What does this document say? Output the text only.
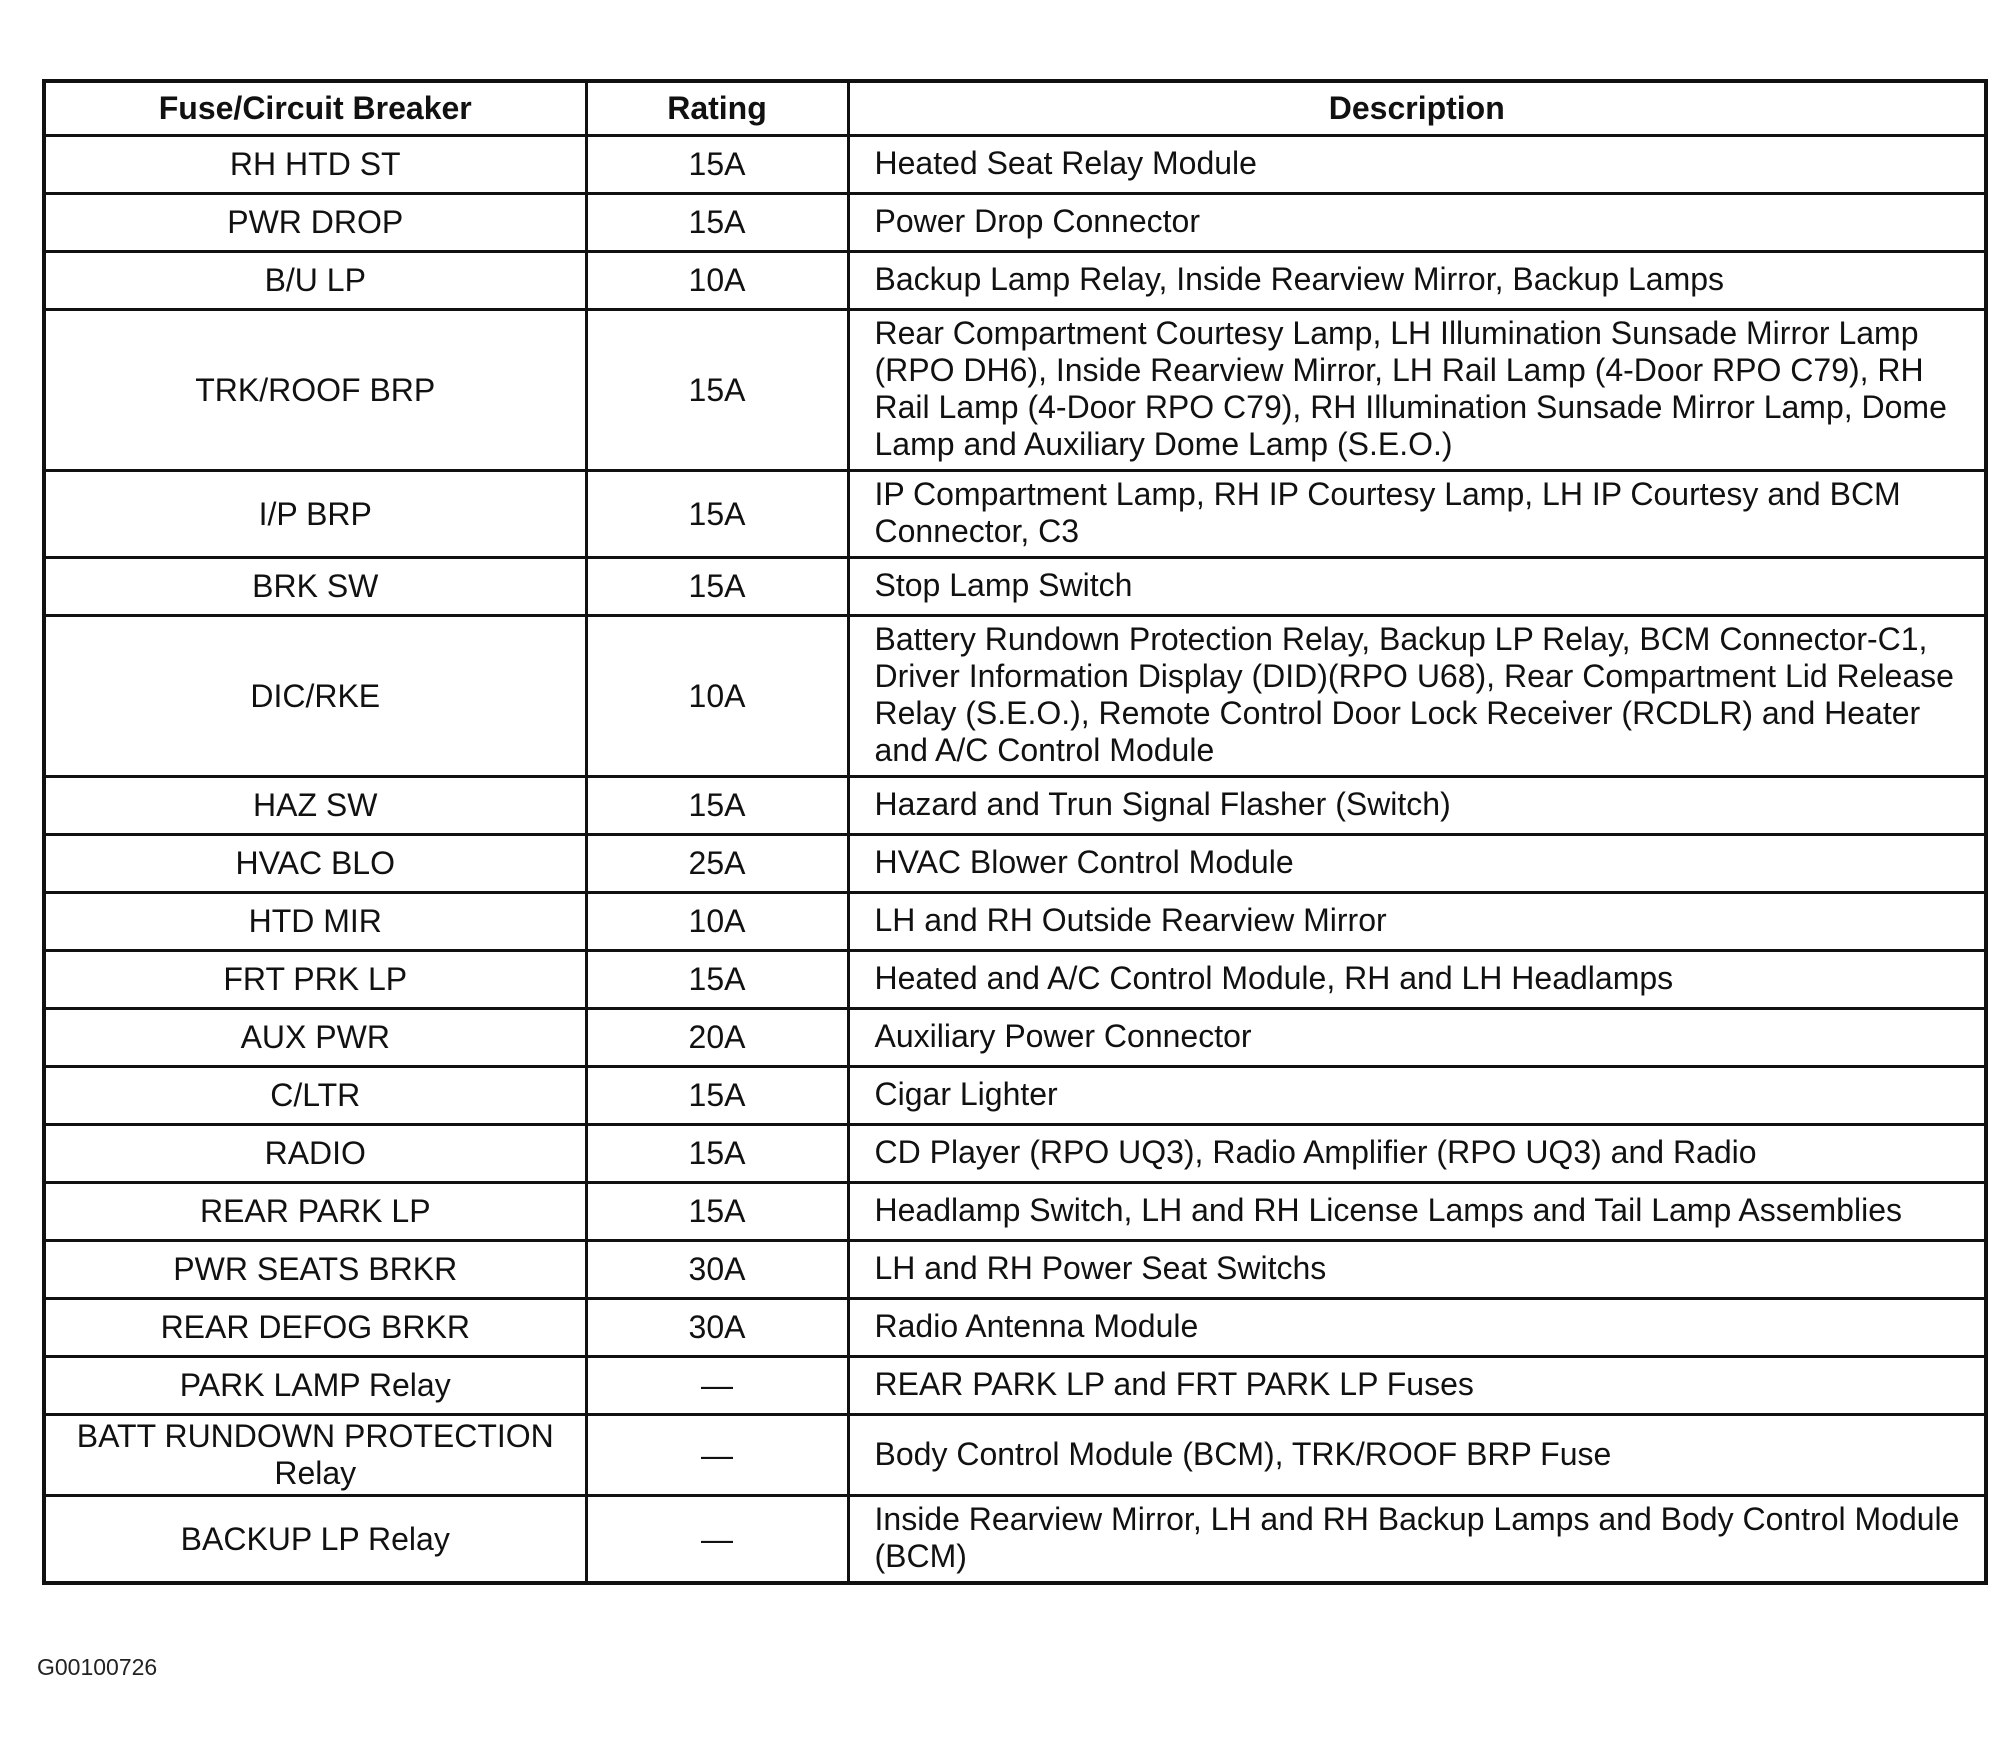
Fuse/Circuit Breaker	Rating	Description
RH HTD ST	15A	Heated Seat Relay Module
PWR DROP	15A	Power Drop Connector
B/U LP	10A	Backup Lamp Relay, Inside Rearview Mirror, Backup Lamps
TRK/ROOF BRP	15A	Rear Compartment Courtesy Lamp, LH Illumination Sunsade Mirror Lamp (RPO DH6), Inside Rearview Mirror, LH Rail Lamp (4-Door RPO C79), RH Rail Lamp (4-Door RPO C79), RH Illumination Sunsade Mirror Lamp, Dome Lamp and Auxiliary Dome Lamp (S.E.O.)
I/P BRP	15A	IP Compartment Lamp, RH IP Courtesy Lamp, LH IP Courtesy and BCM Connector, C3
BRK SW	15A	Stop Lamp Switch
DIC/RKE	10A	Battery Rundown Protection Relay, Backup LP Relay, BCM Connector-C1, Driver Information Display (DID)(RPO U68), Rear Compartment Lid Release Relay (S.E.O.), Remote Control Door Lock Receiver (RCDLR) and Heater and A/C Control Module
HAZ SW	15A	Hazard and Trun Signal Flasher (Switch)
HVAC BLO	25A	HVAC Blower Control Module
HTD MIR	10A	LH and RH Outside Rearview Mirror
FRT PRK LP	15A	Heated and A/C Control Module, RH and LH Headlamps
AUX PWR	20A	Auxiliary Power Connector
C/LTR	15A	Cigar Lighter
RADIO	15A	CD Player (RPO UQ3), Radio Amplifier (RPO UQ3) and Radio
REAR PARK LP	15A	Headlamp Switch, LH and RH License Lamps and Tail Lamp Assemblies
PWR SEATS BRKR	30A	LH and RH Power Seat Switchs
REAR DEFOG BRKR	30A	Radio Antenna Module
PARK LAMP Relay	—	REAR PARK LP and FRT PARK LP Fuses
BATT RUNDOWN PROTECTION Relay	—	Body Control Module (BCM), TRK/ROOF BRP Fuse
BACKUP LP Relay	—	Inside Rearview Mirror, LH and RH Backup Lamps and Body Control Module (BCM)
G00100726
